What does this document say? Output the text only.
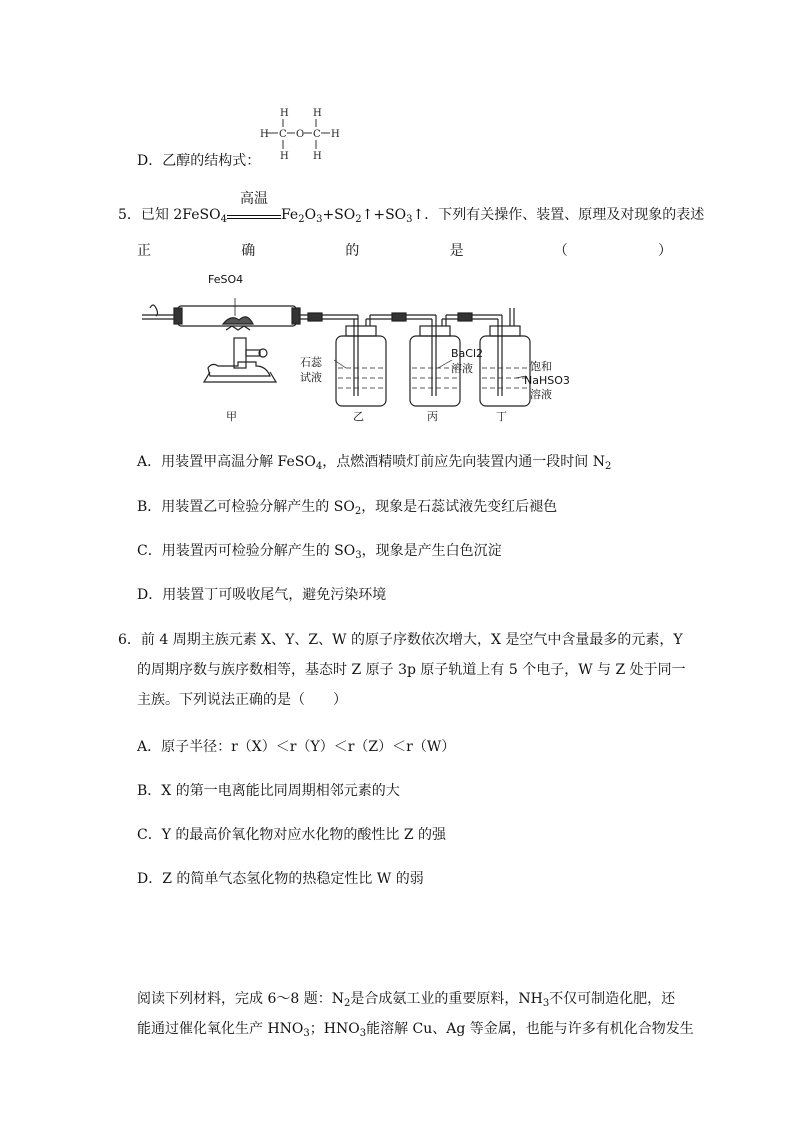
H H
H C O C H
H H
D．乙醇的结构式：
5．已知 2FeSO$_4$
高温
$Fe_2O_3+SO_2↑+SO_3↑$．下列有关操作、装置、原理及对现象的表述
正	确	的	是	（	）
FeSO4
石蕊
试液
BaCl2
溶液	饱和
NaHSO3
溶液
甲	乙	丙	丁
A．用装置甲高温分解 FeSO$_4$，点燃酒精喷灯前应先向装置内通一段时间 $N_2$
B．用装置乙可检验分解产生的 $SO_2$，现象是石蕊试液先变红后褪色
C．用装置丙可检验分解产生的 $SO_3$，现象是产生白色沉淀
D．用装置丁可吸收尾气，避免污染环境
6．前 4 周期主族元素 X、Y、Z、W 的原子序数依次增大，X 是空气中含量最多的元素，Y
的周期序数与族序数相等，基态时 Z 原子 3p 原子轨道上有 5 个电子，W 与 Z 处于同一
主族。下列说法正确的是（　　）
A．原子半径：r（X）＜r（Y）＜r（Z）＜r（W）
B．X 的第一电离能比同周期相邻元素的大
C．Y 的最高价氧化物对应水化物的酸性比 Z 的强
D．Z 的简单气态氢化物的热稳定性比 W 的弱
阅读下列材料，完成 6～8 题：$N_2$是合成氨工业的重要原料，$NH_3$不仅可制造化肥，还
能通过催化氧化生产 $HNO_3$；$HNO_3$能溶解 Cu、Ag 等金属，也能与许多有机化合物发生
